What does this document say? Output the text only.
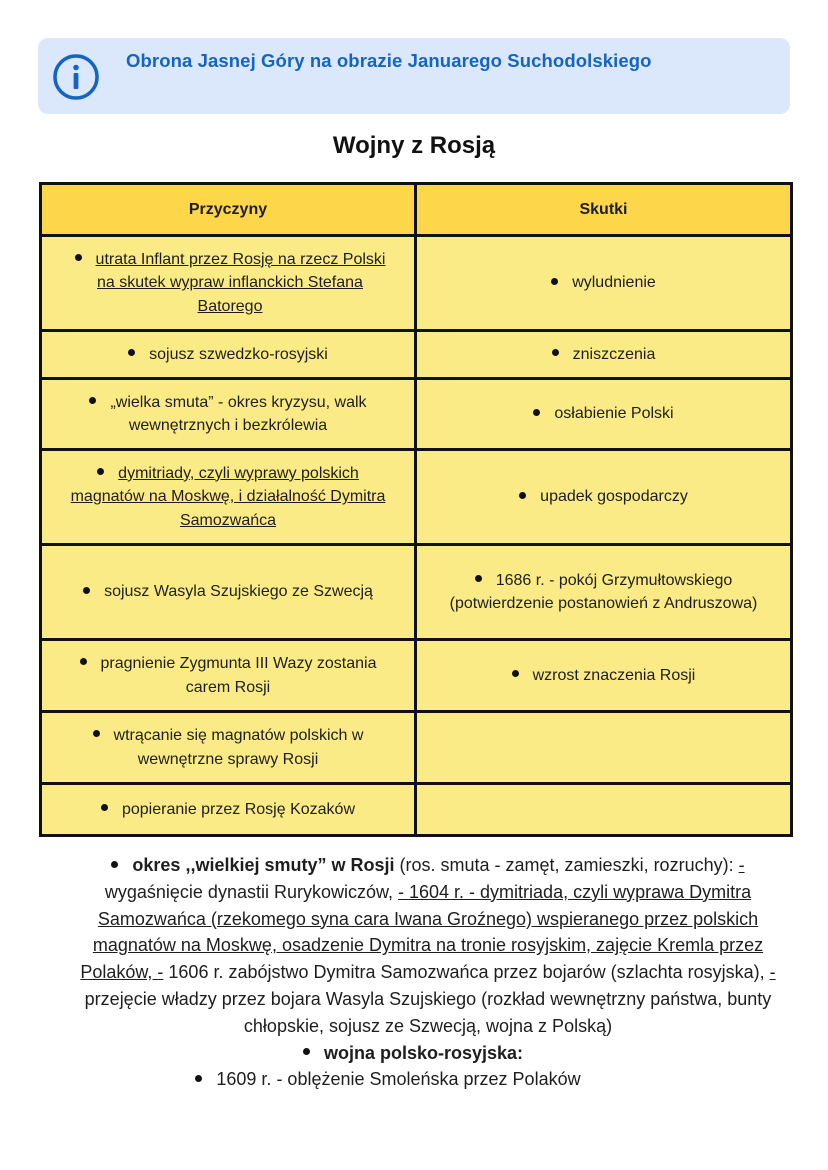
Obrona Jasnej Góry na obrazie Januarego Suchodolskiego
Wojny z Rosją
Przyczyny	Skutki
utrata Inflant przez Rosję na rzecz Polski na skutek wypraw inflanckich Stefana Batorego	wyludnienie
sojusz szwedzko-rosyjski	zniszczenia
„wielka smuta” - okres kryzysu, walk wewnętrznych i bezkrólewia	osłabienie Polski
dymitriady, czyli wyprawy polskich magnatów na Moskwę, i działalność Dymitra Samozwańca	upadek gospodarczy
sojusz Wasyla Szujskiego ze Szwecją	1686 r. - pokój Grzymułtowskiego (potwierdzenie postanowień z Andruszowa)
pragnienie Zygmunta III Wazy zostania carem Rosji	wzrost znaczenia Rosji
wtrącanie się magnatów polskich w wewnętrzne sprawy Rosji	
popieranie przez Rosję Kozaków	
okres ,,wielkiej smuty” w Rosji (ros. smuta - zamęt, zamieszki, rozruchy): - wygaśnięcie dynastii Rurykowiczów, - 1604 r. - dymitriada, czyli wyprawa Dymitra Samozwańca (rzekomego syna cara Iwana Groźnego) wspieranego przez polskich magnatów na Moskwę, osadzenie Dymitra na tronie rosyjskim, zajęcie Kremla przez Polaków, - 1606 r. zabójstwo Dymitra Samozwańca przez bojarów (szlachta rosyjska), - przejęcie władzy przez bojara Wasyla Szujskiego (rozkład wewnętrzny państwa, bunty chłopskie, sojusz ze Szwecją, wojna z Polską)
wojna polsko-rosyjska:
1609 r. - oblężenie Smoleńska przez Polaków
